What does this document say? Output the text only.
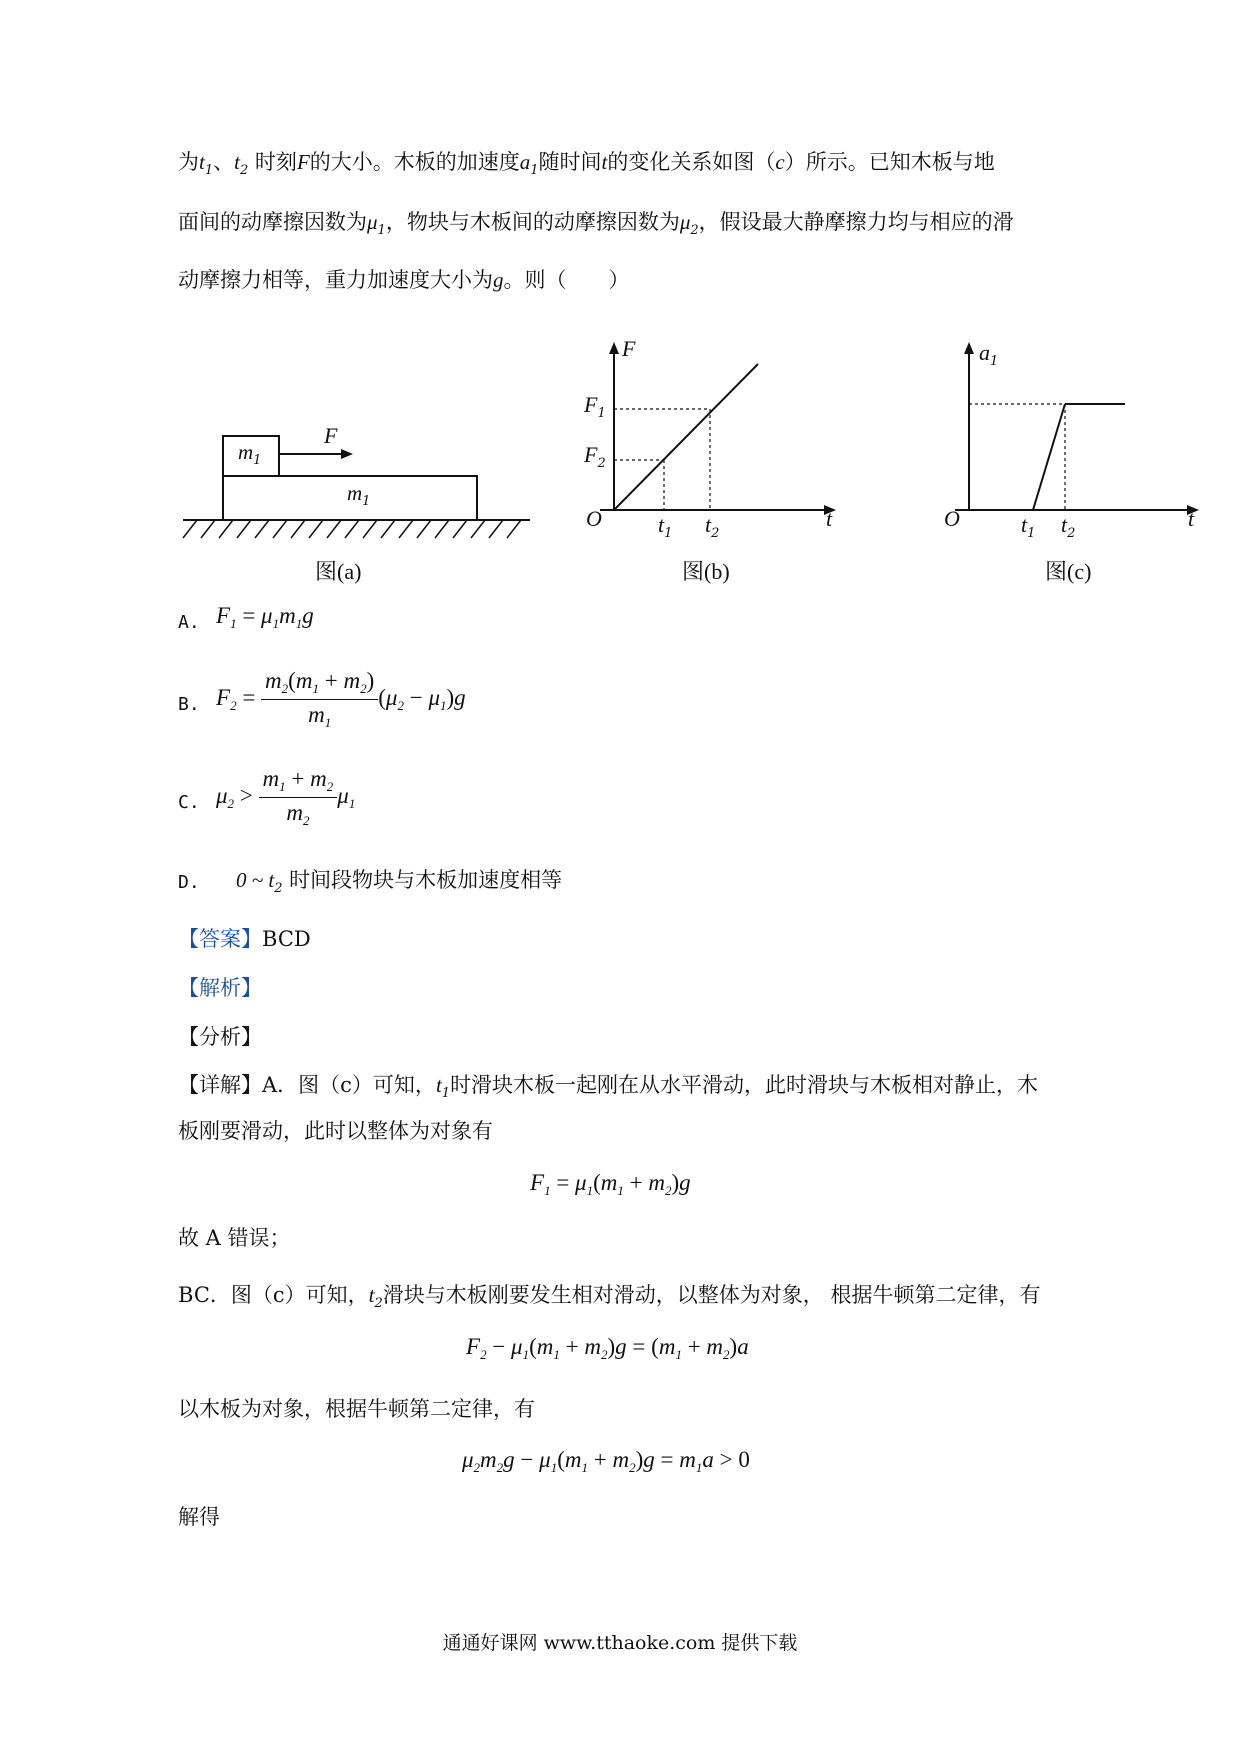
为$t_1$、$t_2$ 时刻F的大小。木板的加速度$a_1$随时间t的变化关系如图（c）所示。已知木板与地
面间的动摩擦因数为$\mu_1$，物块与木板间的动摩擦因数为$\mu_2$，假设最大静摩擦力均与相应的滑
动摩擦力相等，重力加速度大小为g。则（　　）
$m_1$
$m_1$
F
图(a)
F
t
O
$F_1$
$F_2$
$t_1$ $t_2$
图(b)
$a_1$
t
O	$t_1$ $t_2$
图(c)
A. $F_1 = \mu_1m_1g$
B. $F_2 = \frac{m_2(m_1 + m_2)}{m_1} (\mu_2 - \mu_1)g$
C. $\mu_2 > \frac{m_1 + m_2}{m_2} \mu_1$
D. 0 ~ $t_2$ 时间段物块与木板加速度相等
【答案】BCD
【解析】
【分析】
【详解】A．图（c）可知，$t_1$时滑块木板一起刚在从水平滑动，此时滑块与木板相对静止，木
板刚要滑动，此时以整体为对象有
$F_1 = \mu_1(m_1 + m_2)g$
故 A 错误；
BC．图（c）可知，$t_2$滑块与木板刚要发生相对滑动，以整体为对象， 根据牛顿第二定律，有
$F_2 - \mu_1(m_1 + m_2)g = (m_1 + m_2)a$
以木板为对象，根据牛顿第二定律，有
$\mu_2m_2g - \mu_1(m_1 + m_2)g = m_1a > 0$
解得
通通好课网 www.tthaoke.com 提供下载
